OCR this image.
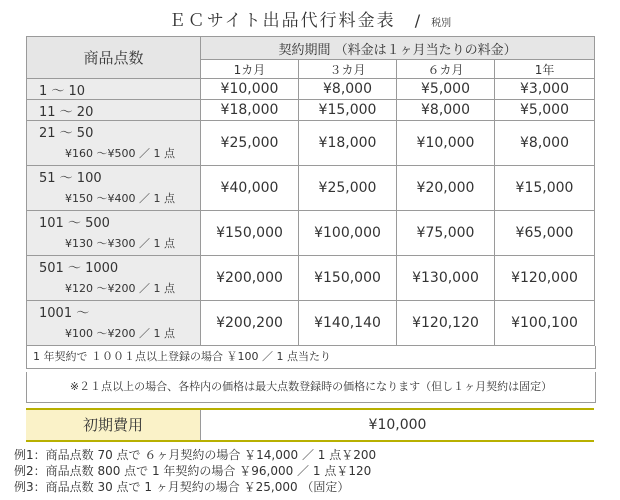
ＥＣサイト出品代行料金表 / 税別
商品点数	契約期間 （料金は１ヶ月当たりの料金）			
	1カ月	３カ月	６カ月	1年
1 〜 10	¥10,000	¥8,000	¥5,000	¥3,000
11 〜 20	¥18,000	¥15,000	¥8,000	¥5,000
21 〜 50
¥160 〜¥500 ／ 1 点	¥25,000	¥18,000	¥10,000	¥8,000
51 〜 100
¥150 〜¥400 ／ 1 点	¥40,000	¥25,000	¥20,000	¥15,000
101 〜 500
¥130 〜¥300 ／ 1 点	¥150,000	¥100,000	¥75,000	¥65,000
501 〜 1000
¥120 〜¥200 ／ 1 点	¥200,000	¥150,000	¥130,000	¥120,000
1001 〜
¥100 〜¥200 ／ 1 点	¥200,200	¥140,140	¥120,120	¥100,100
1 年契約で １００１点以上登録の場合 ￥100 ／ 1 点当たり
※２１点以上の場合、各枠内の価格は最大点数登録時の価格になります（但し１ヶ月契約は固定）
初期費用	¥10,000
例1：商品点数 70 点で ６ヶ月契約の場合 ￥14,000 ／ 1 点￥200
例2：商品点数 800 点で 1 年契約の場合 ￥96,000 ／ 1 点￥120
例3：商品点数 30 点で 1 ヶ月契約の場合 ￥25,000 （固定）
